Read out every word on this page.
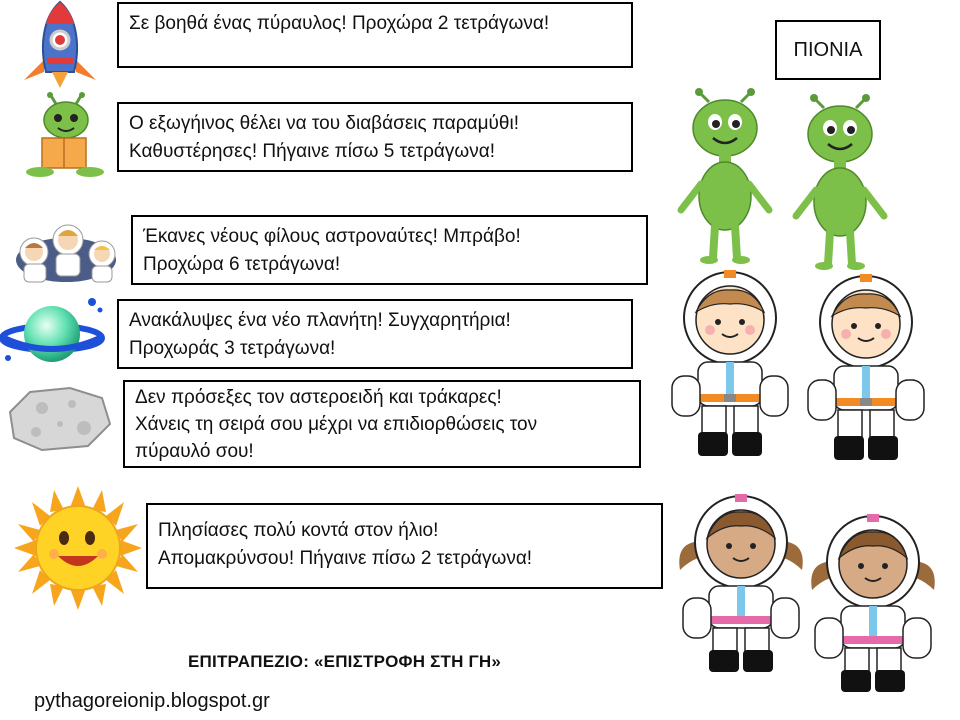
Σε βοηθά ένας πύραυλος! Προχώρα 2 τετράγωνα!
Ο εξωγήινος θέλει να του διαβάσεις παραμύθι!
Καθυστέρησες! Πήγαινε πίσω 5 τετράγωνα!
Έκανες νέους φίλους αστροναύτες! Μπράβο!
Προχώρα 6 τετράγωνα!
Ανακάλυψες ένα νέο πλανήτη! Συγχαρητήρια!
Προχωράς 3 τετράγωνα!
Δεν πρόσεξες τον αστεροειδή και τράκαρες!
Χάνεις τη σειρά σου μέχρι να επιδιορθώσεις τον
πύραυλό σου!
Πλησίασες πολύ κοντά στον ήλιο!
Απομακρύνσου! Πήγαινε πίσω 2 τετράγωνα!
ΠΙΟΝΙΑ
ΕΠΙΤΡΑΠΕΖΙΟ: «ΕΠΙΣΤΡΟΦΗ ΣΤΗ ΓΗ»
pythagoreionip.blogspot.gr
